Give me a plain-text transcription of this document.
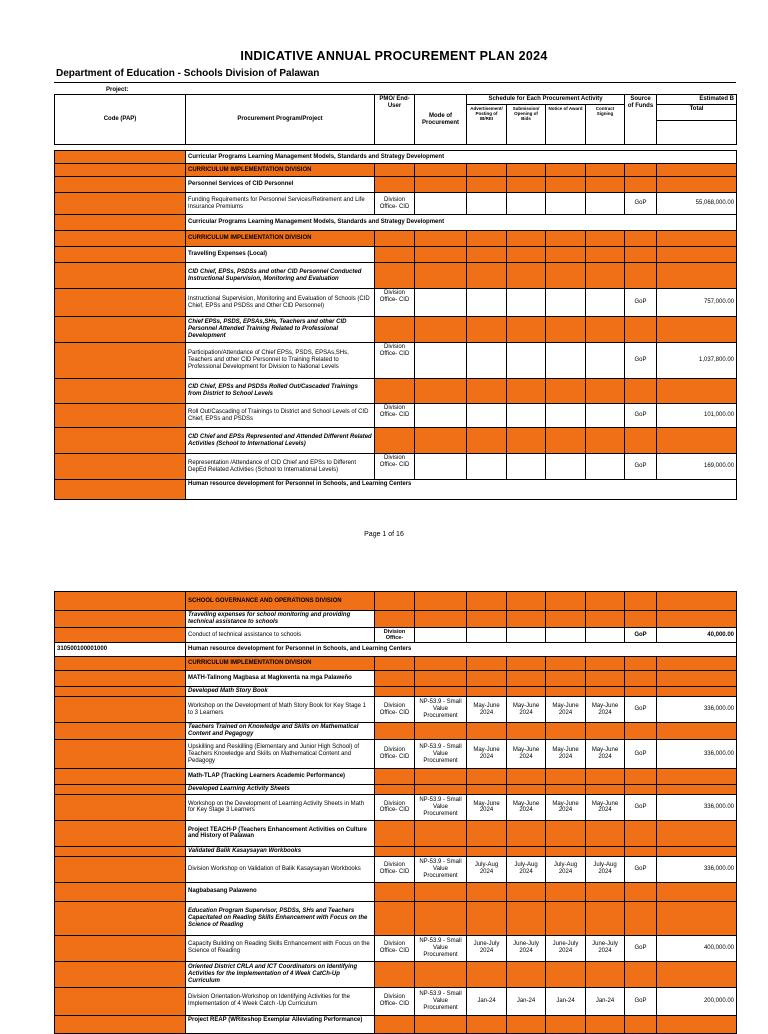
INDICATIVE ANNUAL PROCUREMENT PLAN 2024
Department of Education - Schools Division of Palawan
Project:
Code (PAP)	Procurement Program/Project	PMO/ End-User	Mode of Procurement	Schedule for Each Procurement Activity				Source of Funds	Estimated B
				Advertisement/ Posting of IB/REI	Submission/ Opening of Bids	Notice of Award	Contract Signing		Total

	Curricular Programs Learning Management Models, Standards and Strategy Development								
	CURRICULUM IMPLEMENTATION DIVISION								
	Personnel Services of CID Personnel								
	Funding Requirements for Personnel Services/Retirement and Life Insurance Premiums	Division Office- CID						GoP	55,068,000.00
	Curricular Programs Learning Management Models, Standards and Strategy Development								
	CURRICULUM IMPLEMENTATION DIVISION								
	Travelling Expenses (Local)								
	CID Chief, EPSs, PSDSs and other CID Personnel Conducted Instructional Supervision, Monitoring and Evaluation								
	Instructional Supervision, Monitoring and Evaluation of Schools (CID Chief, EPSs and PSDSs and Other CID Personnel)	Division Office- CID						GoP	757,000.00
	Chief EPSs, PSDS, EPSAs,SHs, Teachers and other CID Personnel Attended Training Related to Professional Development								
	Participation/Attendance of Chief EPSs, PSDS, EPSAs,SHs, Teachers and other CID Personnel to Training Related to Professional Development for Division to National Levels	Division Office- CID						GoP	1,037,800.00
	CID Chief, EPSs and PSDSs Rolled Out/Cascaded Trainings from District to School Levels								
	Roll Out/Cascading of Trainings to District and School Levels of CID Chief, EPSs and PSDSs	Division Office- CID						GoP	101,000.00
	CID Chief and EPSs Represented and Attended Different Related Activities (School to International Levels)								
	Representation /Attendance of CID Chief and EPSs to Different DepEd Related Activities (School to International Levels)	Division Office- CID						GoP	169,000.00
	Human resource development for Personnel in Schools, and Learning Centers								
Page 1 of 16
	SCHOOL GOVERNANCE AND OPERATIONS DIVISION								
	Travelling expenses for school monitoring and providing technical assistance to schools								
	Conduct of technical assistance to schools	Division Office-						GoP	40,000.00
310500100001000	Human resource development for Personnel in Schools, and Learning Centers								
	CURRICULUM IMPLEMENTATION DIVISION								
	MATH-Talinong Magbasa at Magkwenta na mga Palaweño								
	Developed Math Story Book								
	Workshop on the Development of Math Story Book for Key Stage 1 to 3 Learners	Division Office- CID	NP-53.9 - Small Value Procurement	May-June 2024	May-June 2024	May-June 2024	May-June 2024	GoP	336,000.00
	Teachers Trained on Knowledge and Skills on Mathematical Content and Pegagogy								
	Upskilling and Reskilling (Elementary and Junior High School) of Teachers Knowledge and Skills on Mathematical Content and Pedagogy	Division Office- CID	NP-53.9 - Small Value Procurement	May-June 2024	May-June 2024	May-June 2024	May-June 2024	GoP	336,000.00
	Math-TLAP (Tracking Learners Academic Performance)								
	Developed Learning Activity Sheets								
	Workshop on the Development of Learning Activity Sheets in Math for Key Stage 3 Learners	Division Office- CID	NP-53.9 - Small Value Procurement	May-June 2024	May-June 2024	May-June 2024	May-June 2024	GoP	336,000.00
	Project TEACH-P (Teachers Enhancement Activities on Culture and History of Palawan								
	Validated Balik Kasaysayan Workbooks								
	Division Workshop on Validation of Balik Kasaysayan Workbooks	Division Office- CID	NP-53.9 - Small Value Procurement	July-Aug 2024	July-Aug 2024	July-Aug 2024	July-Aug 2024	GoP	336,000.00
	Nagbabasang Palaweno								
	Education Program Supervisor, PSDSs, SHs and Teachers Capacitated on Reading Skills Enhancement with Focus on the Science of Reading								
	Capacity Building on Reading Skills Enhancement with Focus on the Science of Reading	Division Office- CID	NP-53.9 - Small Value Procurement	June-July 2024	June-July 2024	June-July 2024	June-July 2024	GoP	400,000.00
	Oriented District CRLA and ICT Coordinators on Identifying Activities for the Implementation of 4 Week CatCh-Up Curriculum								
	Division Orientation-Workshop on Identifying Activities for the Implementation of 4 Week Catch -Up Curriculum	Division Office- CID	NP-53.9 - Small Value Procurement	Jan-24	Jan-24	Jan-24	Jan-24	GoP	200,000.00
	Project REAP (WRiteshop Exemplar Alleviating Performance)								
